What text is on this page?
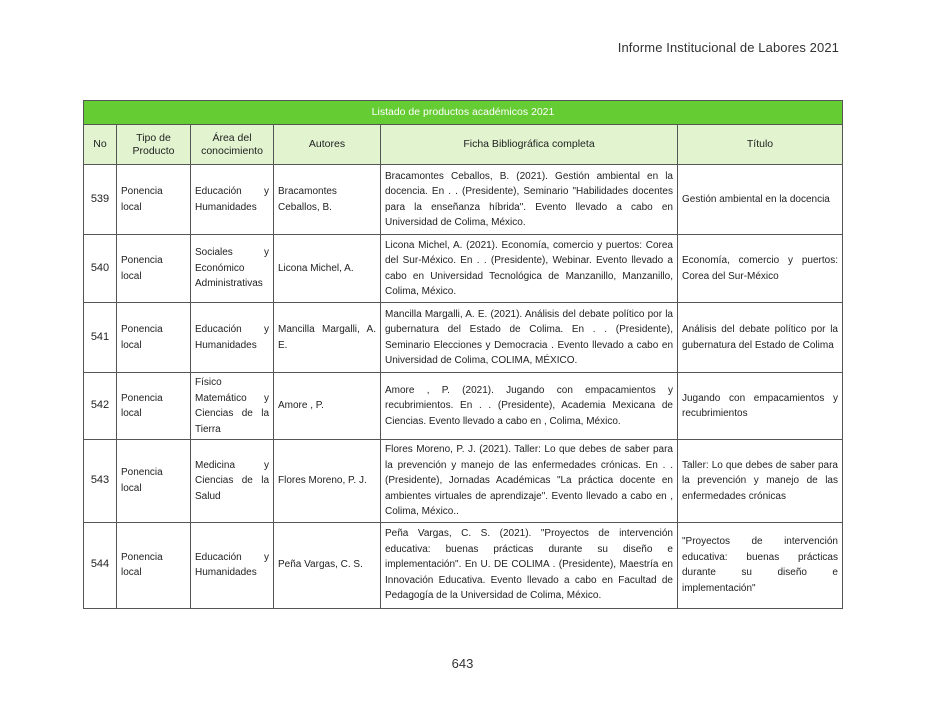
Informe Institucional de Labores 2021
Listado de productos académicos 2021					
No	Tipo de Producto	Área del conocimiento	Autores	Ficha Bibliográfica completa	Título
539	Ponencia local	Educación y Humanidades	Bracamontes Ceballos, B.	Bracamontes Ceballos, B. (2021). Gestión ambiental en la docencia. En . . (Presidente), Seminario "Habilidades docentes para la enseñanza híbrida". Evento llevado a cabo en Universidad de Colima, México.	Gestión ambiental en la docencia
540	Ponencia local	Sociales y Económico Administrativas	Licona Michel, A.	Licona Michel, A. (2021). Economía, comercio y puertos: Corea del Sur-México. En . . (Presidente), Webinar. Evento llevado a cabo en Universidad Tecnológica de Manzanillo, Manzanillo, Colima, México.	Economía, comercio y puertos: Corea del Sur-México
541	Ponencia local	Educación y Humanidades	Mancilla Margalli, A. E.	Mancilla Margalli, A. E. (2021). Análisis del debate político por la gubernatura del Estado de Colima. En . . (Presidente), Seminario Elecciones y Democracia . Evento llevado a cabo en Universidad de Colima, COLIMA, MÉXICO.	Análisis del debate político por la gubernatura del Estado de Colima
542	Ponencia local	Físico Matemático y Ciencias de la Tierra	Amore , P.	Amore , P. (2021). Jugando con empacamientos y recubrimientos. En . . (Presidente), Academia Mexicana de Ciencias. Evento llevado a cabo en , Colima, México.	Jugando con empacamientos y recubrimientos
543	Ponencia local	Medicina y Ciencias de la Salud	Flores Moreno, P. J.	Flores Moreno, P. J. (2021). Taller: Lo que debes de saber para la prevención y manejo de las enfermedades crónicas. En . . (Presidente), Jornadas Académicas "La práctica docente en ambientes virtuales de aprendizaje". Evento llevado a cabo en , Colima, México..	Taller: Lo que debes de saber para la prevención y manejo de las enfermedades crónicas
544	Ponencia local	Educación y Humanidades	Peña Vargas, C. S.	Peña Vargas, C. S. (2021). "Proyectos de intervención educativa: buenas prácticas durante su diseño e implementación". En U. DE COLIMA . (Presidente), Maestría en Innovación Educativa. Evento llevado a cabo en Facultad de Pedagogía de la Universidad de Colima, México.	"Proyectos de intervención educativa: buenas prácticas durante su diseño e implementación"
643
